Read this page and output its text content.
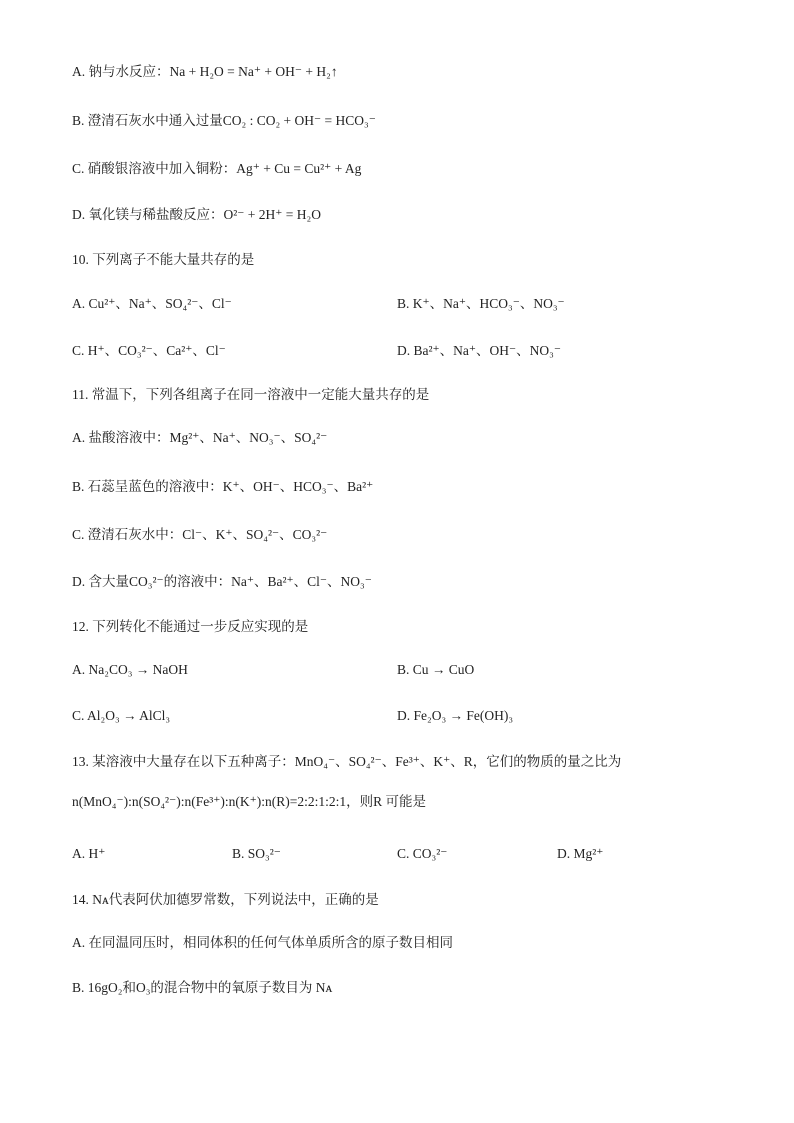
A. 钠与水反应：Na + H₂O = Na⁺ + OH⁻ + H₂↑
B. 澄清石灰水中通入过量CO₂ : CO₂ + OH⁻ = HCO₃⁻
C. 硝酸银溶液中加入铜粉：Ag⁺ + Cu = Cu²⁺ + Ag
D. 氧化镁与稀盐酸反应：O²⁻ + 2H⁺ = H₂O
10. 下列离子不能大量共存的是
A. Cu²⁺、Na⁺、SO₄²⁻、Cl⁻	B. K⁺、Na⁺、HCO₃⁻、NO₃⁻
C. H⁺、CO₃²⁻、Ca²⁺、Cl⁻	D. Ba²⁺、Na⁺、OH⁻、NO₃⁻
11. 常温下，下列各组离子在同一溶液中一定能大量共存的是
A. 盐酸溶液中：Mg²⁺、Na⁺、NO₃⁻、SO₄²⁻
B. 石蕊呈蓝色的溶液中：K⁺、OH⁻、HCO₃⁻、Ba²⁺
C. 澄清石灰水中：Cl⁻、K⁺、SO₄²⁻、CO₃²⁻
D. 含大量CO₃²⁻的溶液中：Na⁺、Ba²⁺、Cl⁻、NO₃⁻
12. 下列转化不能通过一步反应实现的是
A. Na₂CO₃ → NaOH	B. Cu → CuO
C. Al₂O₃ → AlCl₃	D. Fe₂O₃ → Fe(OH)₃
13. 某溶液中大量存在以下五种离子：MnO₄⁻、SO₄²⁻、Fe³⁺、K⁺、R，它们的物质的量之比为
n(MnO₄⁻):n(SO₄²⁻):n(Fe³⁺):n(K⁺):n(R)=2:2:1:2:1，则R 可能是
A. H⁺	B. SO₃²⁻	C. CO₃²⁻	D. Mg²⁺
14. Nᴀ代表阿伏加德罗常数，下列说法中，正确的是
A. 在同温同压时，相同体积的任何气体单质所含的原子数目相同
B. 16gO₂和O₃的混合物中的氧原子数目为 Nᴀ
